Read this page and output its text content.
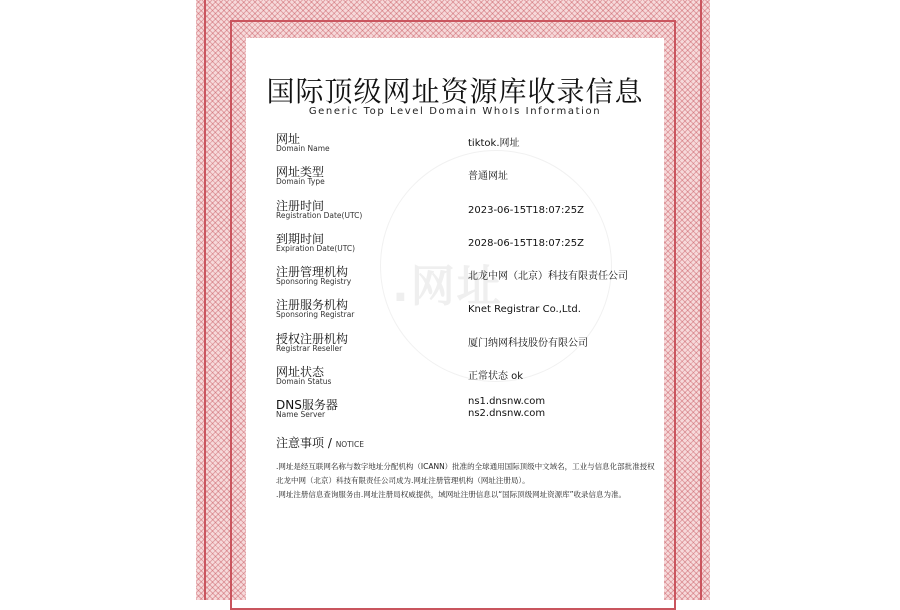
.网址
国际顶级网址资源库收录信息
Generic Top Level Domain WhoIs Information
网址
Domain Name	tiktok.网址
网址类型
Domain Type	普通网址
注册时间
Registration Date(UTC)	2023-06-15T18:07:25Z
到期时间
Expiration Date(UTC)	2028-06-15T18:07:25Z
注册管理机构
Sponsoring Registry	北龙中网（北京）科技有限责任公司
注册服务机构
Sponsoring Registrar	Knet Registrar Co.,Ltd.
授权注册机构
Registrar Reseller	厦门纳网科技股份有限公司
网址状态
Domain Status	正常状态 ok
DNS服务器
Name Server
ns1.dnsnw.com
ns2.dnsnw.com
注意事项 / NOTICE

.网址是经互联网名称与数字地址分配机构（ICANN）批准的全球通用国际顶级中文域名，工业与信息化部批准授权北龙中网（北京）科技有限责任公司成为.网址注册管理机构（网址注册局）。

.网址注册信息查询服务由.网址注册局权威提供，域网址注册信息以“国际顶级网址资源库”收录信息为准。
